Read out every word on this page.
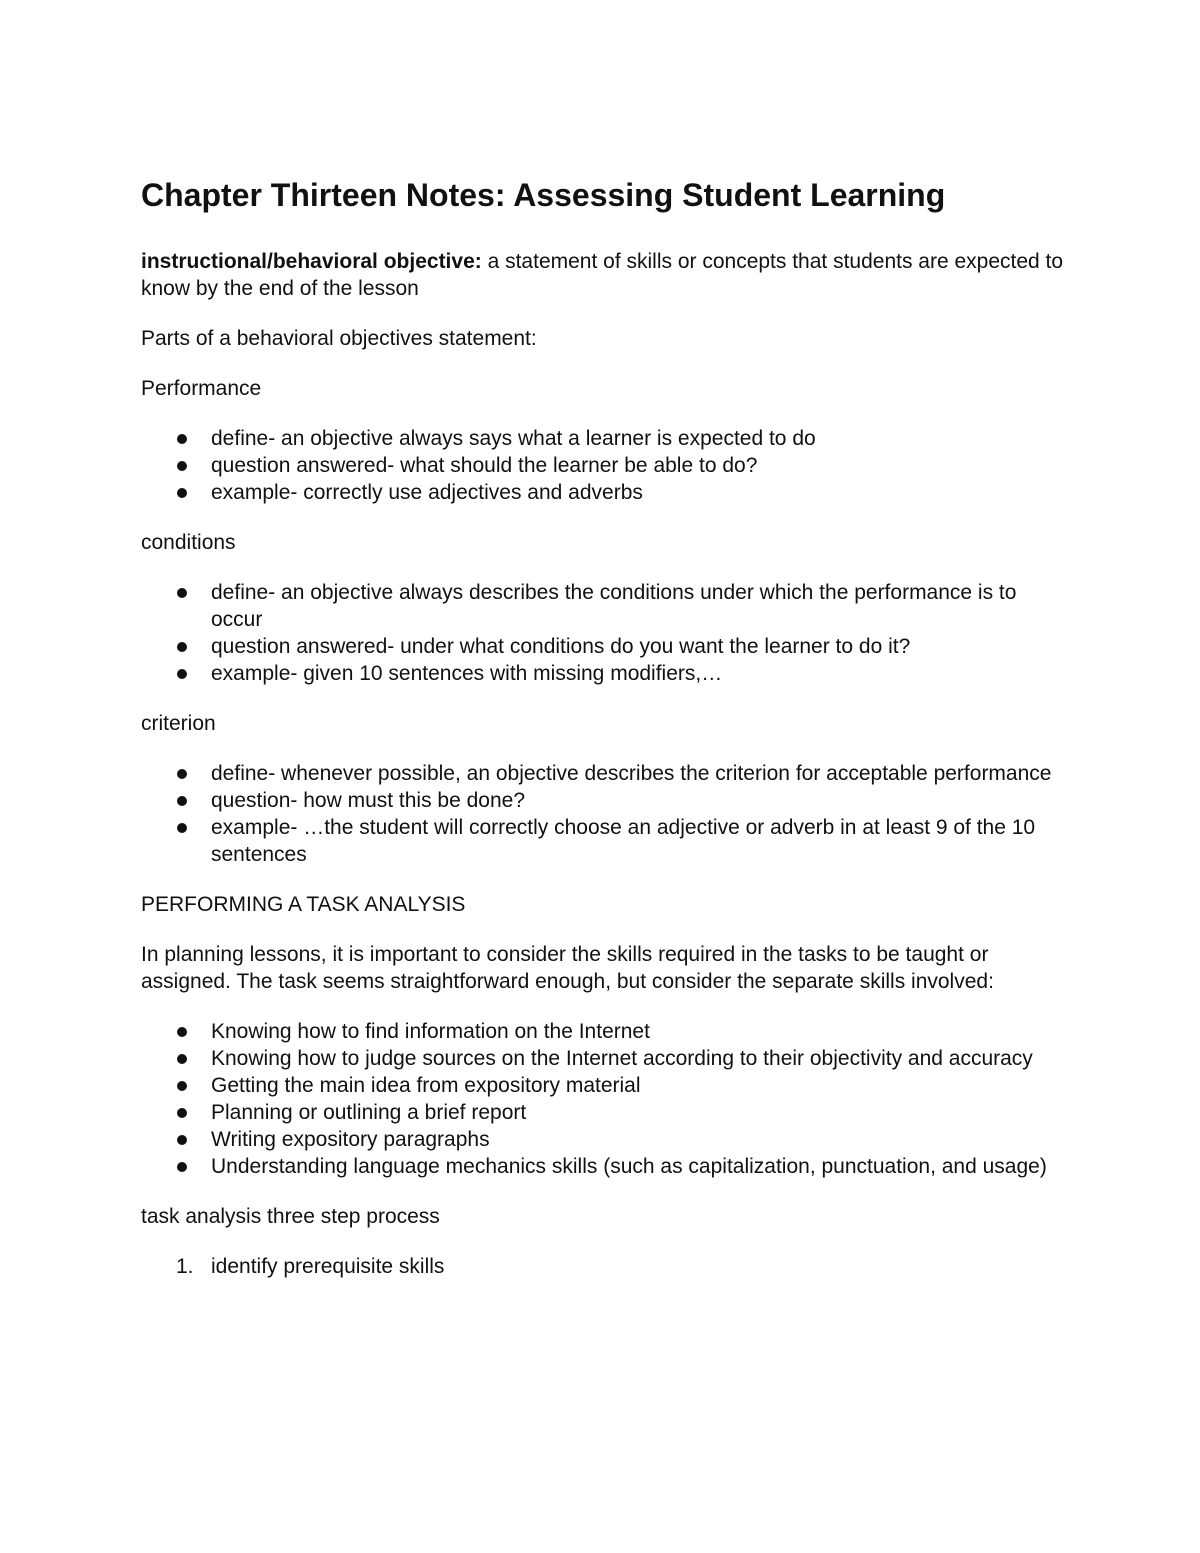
Chapter Thirteen Notes: Assessing Student Learning

instructional/behavioral objective: a statement of skills or concepts that students are expected to know by the end of the lesson

Parts of a behavioral objectives statement:

Performance

define- an objective always says what a learner is expected to do
question answered- what should the learner be able to do?
example- correctly use adjectives and adverbs

conditions

define- an objective always describes the conditions under which the performance is to occur
question answered- under what conditions do you want the learner to do it?
example- given 10 sentences with missing modifiers,…

criterion

define- whenever possible, an objective describes the criterion for acceptable performance
question- how must this be done?
example- …the student will correctly choose an adjective or adverb in at least 9 of the 10 sentences

PERFORMING A TASK ANALYSIS

In planning lessons, it is important to consider the skills required in the tasks to be taught or assigned. The task seems straightforward enough, but consider the separate skills involved:

Knowing how to find information on the Internet
Knowing how to judge sources on the Internet according to their objectivity and accuracy
Getting the main idea from expository material
Planning or outlining a brief report
Writing expository paragraphs
Understanding language mechanics skills (such as capitalization, punctuation, and usage)

task analysis three step process

1. identify prerequisite skills
